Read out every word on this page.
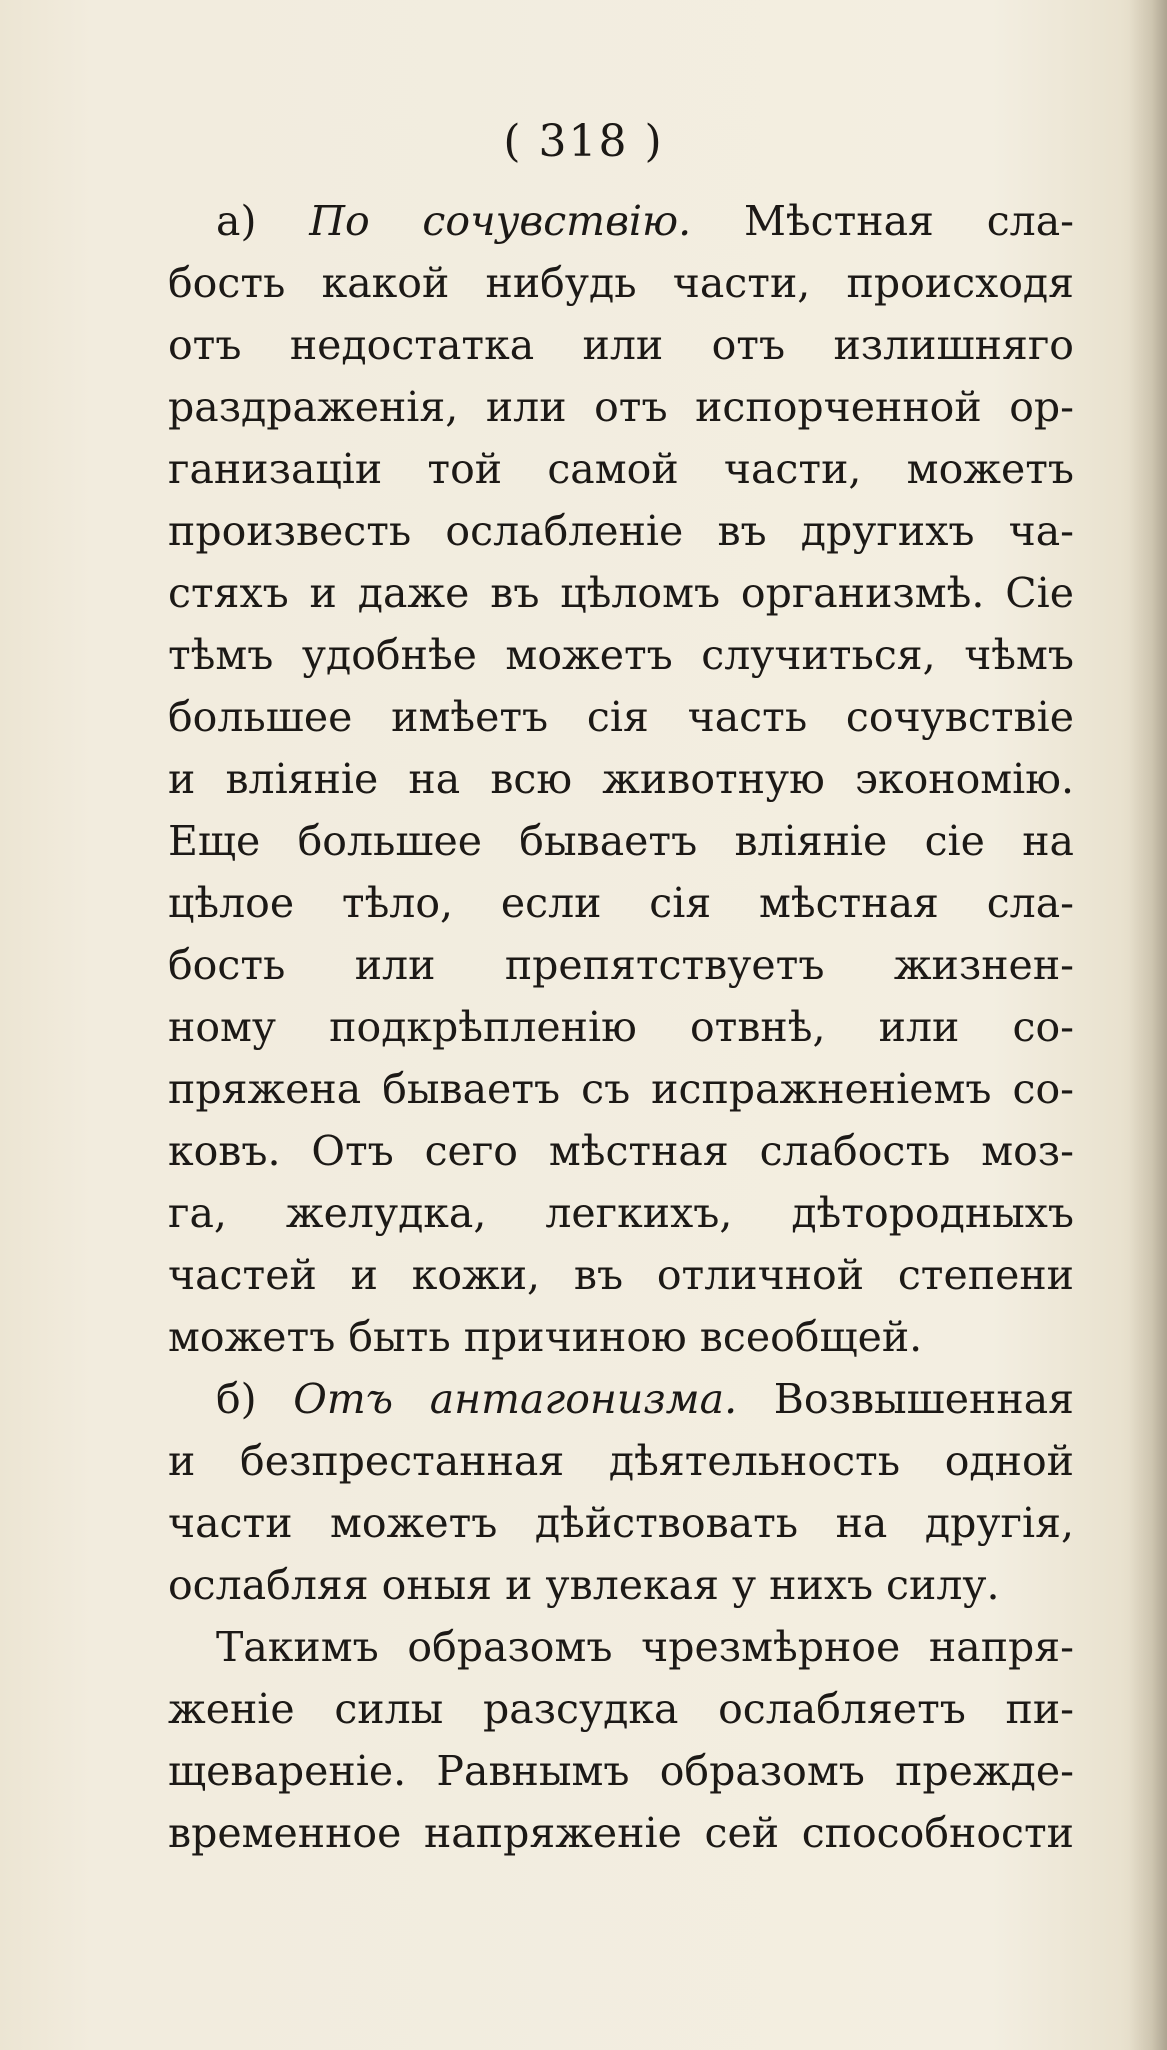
( 318 )
а) По сочувствію. Мѣстная сла-
бость какой нибудь части, происходя
отъ недостатка или отъ излишняго
раздраженія, или отъ испорченной ор-
ганизаціи той самой части, можетъ
произвесть ослабленіе въ другихъ ча-
стяхъ и даже въ цѣломъ организмѣ. Сіе
тѣмъ удобнѣе можетъ случиться, чѣмъ
большее имѣетъ сія часть сочувствіе
и вліяніе на всю животную экономію.
Еще большее бываетъ вліяніе сіе на
цѣлое тѣло, если сія мѣстная сла-
бость или препятствуетъ жизнен-
ному подкрѣпленію отвнѣ, или со-
пряжена бываетъ съ испражненіемъ со-
ковъ. Отъ сего мѣстная слабость моз-
га, желудка, легкихъ, дѣтородныхъ
частей и кожи, въ отличной степени
можетъ быть причиною всеобщей.
б) Отъ антагонизма. Возвышенная
и безпрестанная дѣятельность одной
части можетъ дѣйствовать на другія,
ослабляя оныя и увлекая у нихъ силу.
Такимъ образомъ чрезмѣрное напря-
женіе силы разсудка ослабляетъ пи-
щевареніе. Равнымъ образомъ прежде-
временное напряженіе сей способности
